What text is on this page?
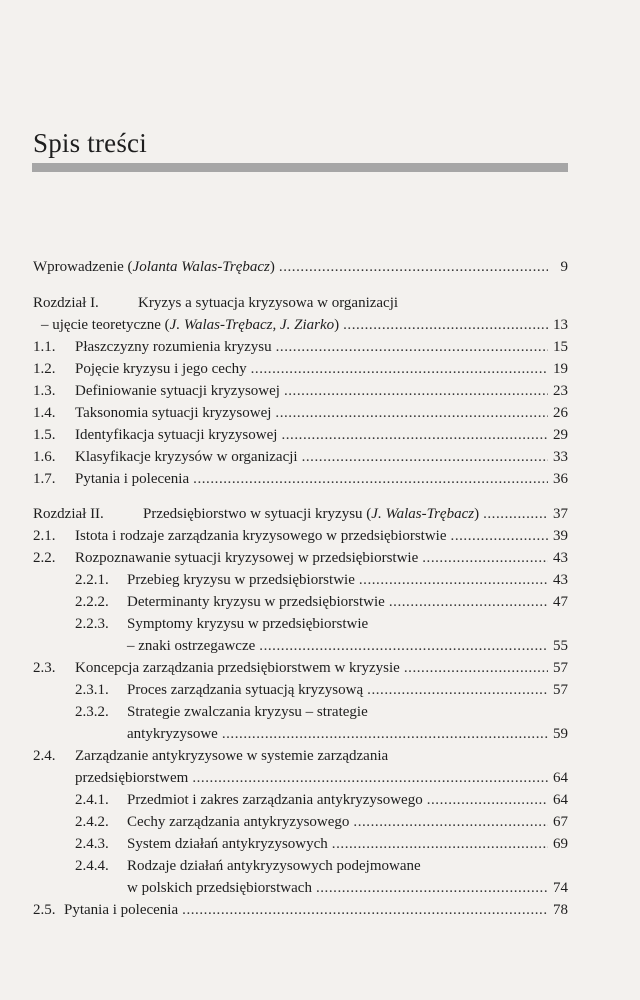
Spis treści
Wprowadzenie (Jolanta Walas-Trębacz)	9
. . .
Rozdział I.	Kryzys a sytuacja kryzysowa w organizacji
– ujęcie teoretyczne (J. Walas-Trębacz, J. Ziarko)	13
. . .
1.1. Płaszczyzny rozumienia kryzysu	15
. . .
1.2. Pojęcie kryzysu i jego cechy	19
. . .
1.3. Definiowanie sytuacji kryzysowej	23
. . .
1.4. Taksonomia sytuacji kryzysowej	26
. . .
1.5. Identyfikacja sytuacji kryzysowej	29
. . .
1.6. Klasyfikacje kryzysów w organizacji	33
. . .
1.7. Pytania i polecenia	36
. . .
Rozdział II.	Przedsiębiorstwo w sytuacji kryzysu (J. Walas-Trębacz)	37
. . .
2.1. Istota i rodzaje zarządzania kryzysowego w przedsiębiorstwie	39
. . .
2.2. Rozpoznawanie sytuacji kryzysowej w przedsiębiorstwie	43
. . .
2.2.1. Przebieg kryzysu w przedsiębiorstwie	43
. . .
2.2.2. Determinanty kryzysu w przedsiębiorstwie	47
. . .
2.2.3. Symptomy kryzysu w przedsiębiorstwie
– znaki ostrzegawcze	55
. . .
2.3. Koncepcja zarządzania przedsiębiorstwem w kryzysie	57
. . .
2.3.1. Proces zarządzania sytuacją kryzysową	57
. . .
2.3.2. Strategie zwalczania kryzysu – strategie
antykryzysowe	59
. . .
2.4. Zarządzanie antykryzysowe w systemie zarządzania
przedsiębiorstwem	64
. . .
2.4.1. Przedmiot i zakres zarządzania antykryzysowego	64
. . .
2.4.2. Cechy zarządzania antykryzysowego	67
. . .
2.4.3. System działań antykryzysowych	69
. . .
2.4.4. Rodzaje działań antykryzysowych podejmowane
w polskich przedsiębiorstwach	74
. . .
2.5. Pytania i polecenia	78
. . .
